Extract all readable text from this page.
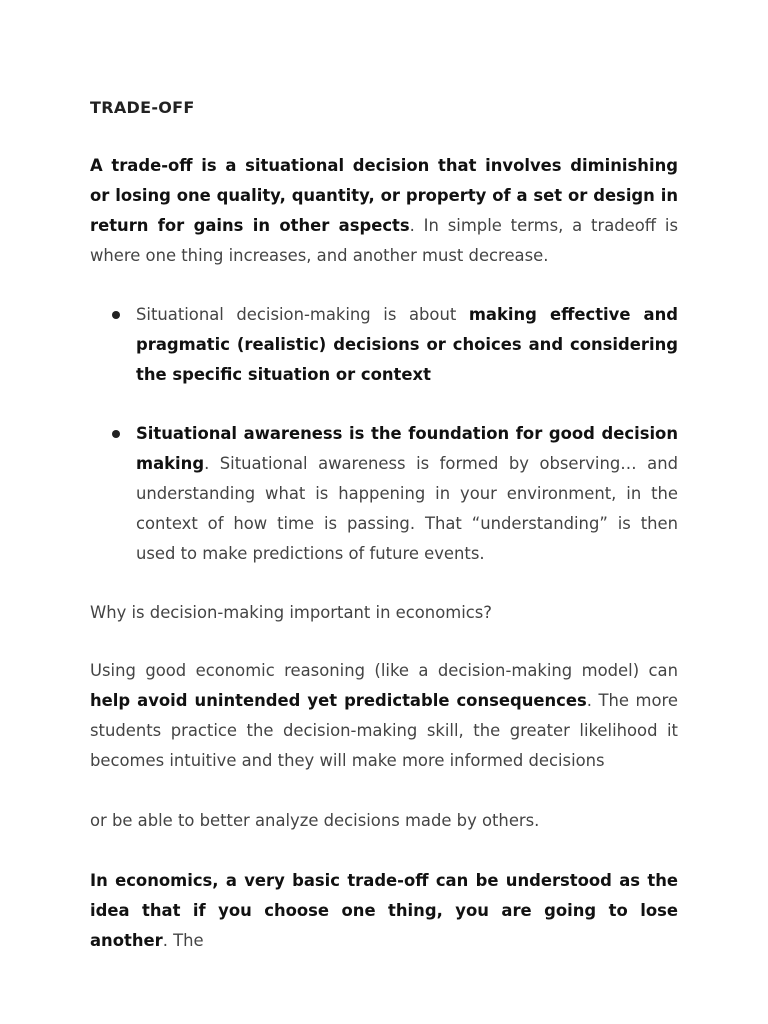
TRADE-OFF
A trade-off is a situational decision that involves diminishing or losing one quality, quantity, or property of a set or design in return for gains in other aspects. In simple terms, a tradeoff is where one thing increases, and another must decrease.
Situational decision-making is about making effective and pragmatic (realistic) decisions or choices and considering the specific situation or context
Situational awareness is the foundation for good decision making. Situational awareness is formed by observing… and understanding what is happening in your environment, in the context of how time is passing. That “understanding” is then used to make predictions of future events.
Why is decision-making important in economics?
Using good economic reasoning (like a decision-making model) can help avoid unintended yet predictable consequences. The more students practice the decision-making skill, the greater likelihood it becomes intuitive and they will make more informed decisions
or be able to better analyze decisions made by others.
In economics, a very basic trade-off can be understood as the idea that if you choose one thing, you are going to lose another. The
